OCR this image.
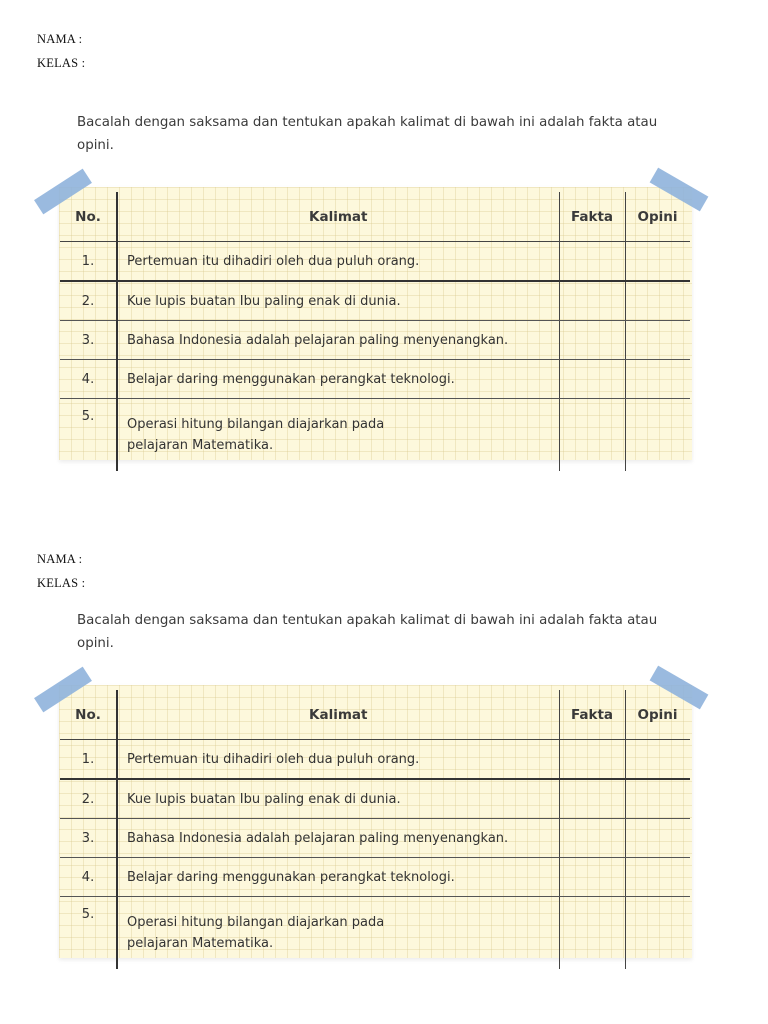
NAMA :
KELAS :
Bacalah dengan saksama dan tentukan apakah kalimat di bawah ini adalah fakta atau opini.
No.	Kalimat	Fakta	Opini
1.	Pertemuan itu dihadiri oleh dua puluh orang.		
2.	Kue lupis buatan Ibu paling enak di dunia.		
3.	Bahasa Indonesia adalah pelajaran paling menyenangkan.		
4.	Belajar daring menggunakan perangkat teknologi.		
5.	Operasi hitung bilangan diajarkan pada pelajaran Matematika.		
NAMA :
KELAS :
Bacalah dengan saksama dan tentukan apakah kalimat di bawah ini adalah fakta atau opini.
No.	Kalimat	Fakta	Opini
1.	Pertemuan itu dihadiri oleh dua puluh orang.		
2.	Kue lupis buatan Ibu paling enak di dunia.		
3.	Bahasa Indonesia adalah pelajaran paling menyenangkan.		
4.	Belajar daring menggunakan perangkat teknologi.		
5.	Operasi hitung bilangan diajarkan pada pelajaran Matematika.		
